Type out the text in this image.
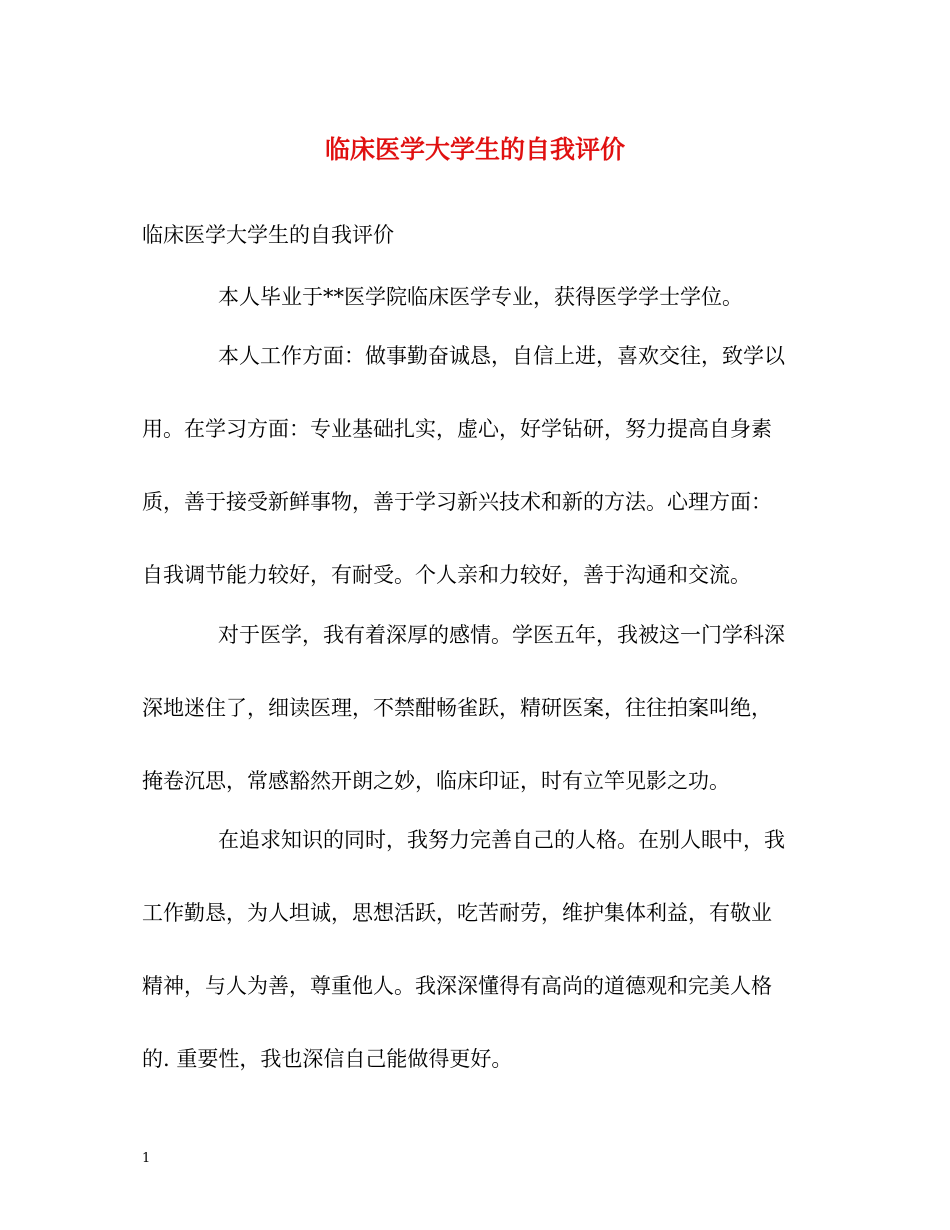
临床医学大学生的自我评价
临床医学大学生的自我评价
本人毕业于**医学院临床医学专业，获得医学学士学位。
本人工作方面：做事勤奋诚恳，自信上进，喜欢交往，致学以
用。在学习方面：专业基础扎实，虚心，好学钻研，努力提高自身素
质，善于接受新鲜事物，善于学习新兴技术和新的方法。心理方面：
自我调节能力较好，有耐受。个人亲和力较好，善于沟通和交流。
对于医学，我有着深厚的感情。学医五年，我被这一门学科深
深地迷住了，细读医理，不禁酣畅雀跃，精研医案，往往拍案叫绝，
掩卷沉思，常感豁然开朗之妙，临床印证，时有立竿见影之功。
在追求知识的同时，我努力完善自己的人格。在别人眼中，我
工作勤恳，为人坦诚，思想活跃，吃苦耐劳，维护集体利益，有敬业
精神，与人为善，尊重他人。我深深懂得有高尚的道德观和完美人格
的. 重要性，我也深信自己能做得更好。
1
